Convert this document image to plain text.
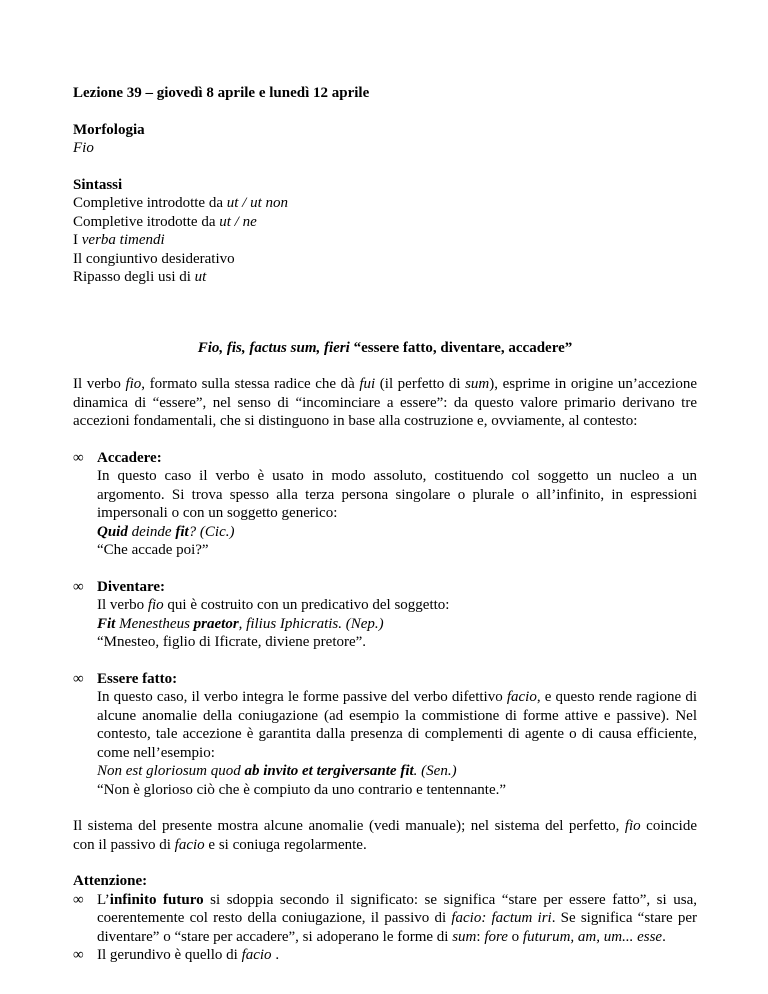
Lezione 39 – giovedì 8 aprile e lunedì 12 aprile

Morfologia

Fio

Sintassi

Completive introdotte da ut / ut non

Completive itrodotte da ut / ne

I verba timendi

Il congiuntivo desiderativo

Ripasso degli usi di ut

Fio, fis, factus sum, fieri “essere fatto, diventare, accadere”

Il verbo fio, formato sulla stessa radice che dà fui (il perfetto di sum), esprime in origine un’accezione dinamica di “essere”, nel senso di “incominciare a essere”: da questo valore primario derivano tre accezioni fondamentali, che si distinguono in base alla costruzione e, ovviamente, al contesto:

∞ Accadere:

In questo caso il verbo è usato in modo assoluto, costituendo col soggetto un nucleo a un argomento. Si trova spesso alla terza persona singolare o plurale o all’infinito, in espressioni impersonali o con un soggetto generico:

Quid deinde fit? (Cic.)

“Che accade poi?”

∞ Diventare:

Il verbo fio qui è costruito con un predicativo del soggetto:

Fit Menestheus praetor, filius Iphicratis. (Nep.)

“Mnesteo, figlio di Ificrate, diviene pretore”.

∞ Essere fatto:

In questo caso, il verbo integra le forme passive del verbo difettivo facio, e questo rende ragione di alcune anomalie della coniugazione (ad esempio la commistione di forme attive e passive). Nel contesto, tale accezione è garantita dalla presenza di complementi di agente o di causa efficiente, come nell’esempio:

Non est gloriosum quod ab invito et tergiversante fit. (Sen.)

“Non è glorioso ciò che è compiuto da uno contrario e tentennante.”

Il sistema del presente mostra alcune anomalie (vedi manuale); nel sistema del perfetto, fio coincide con il passivo di facio e si coniuga regolarmente.

Attenzione:

∞ L’infinito futuro si sdoppia secondo il significato: se significa “stare per essere fatto”, si usa, coerentemente col resto della coniugazione, il passivo di facio: factum iri. Se significa “stare per diventare” o “stare per accadere”, si adoperano le forme di sum: fore o futurum, am, um... esse.
∞ Il gerundivo è quello di facio .
